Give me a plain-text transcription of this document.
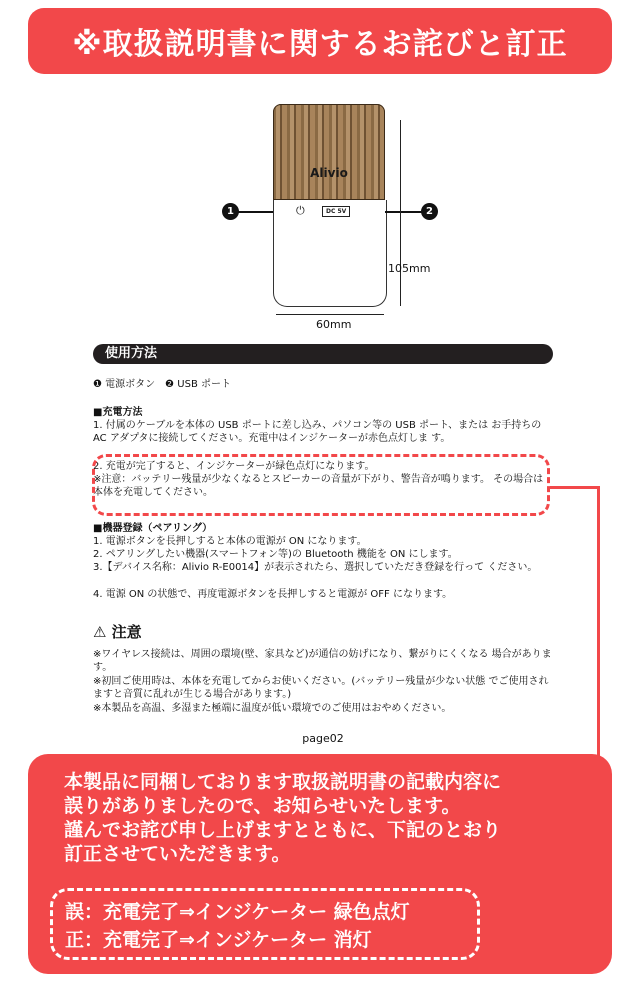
※取扱説明書に関するお詫びと訂正
Alivio
⏻	DC 5V
1	2
105mm
60mm
使用方法
❶ 電源ボタン　❷ USB ポート
■充電方法
1. 付属のケーブルを本体の USB ポートに差し込み、パソコン等の USB ポート、または お手持ちの AC アダプタに接続してください。充電中はインジケーターが赤色点灯しま す。
2. 充電が完了すると、インジケーターが緑色点灯になります。
※注意：バッテリー残量が少なくなるとスピーカーの音量が下がり、警告音が鳴ります。 その場合は本体を充電してください。
■機器登録（ペアリング）
1. 電源ボタンを長押しすると本体の電源が ON になります。
2. ペアリングしたい機器(スマートフォン等)の Bluetooth 機能を ON にします。
3.【デバイス名称：Alivio R-E0014】が表示されたら、選択していただき登録を行って ください。
4. 電源 ON の状態で、再度電源ボタンを長押しすると電源が OFF になります。
⚠ 注意
※ワイヤレス接続は、周囲の環境(壁、家具など)が通信の妨げになり、繋がりにくくなる 場合があります。
※初回ご使用時は、本体を充電してからお使いください。(バッテリー残量が少ない状態 でご使用されますと音質に乱れが生じる場合があります。)
※本製品を高温、多湿また極端に温度が低い環境でのご使用はおやめください。
page02
本製品に同梱しております取扱説明書の記載内容に
誤りがありましたので、お知らせいたします。
謹んでお詫び申し上げますとともに、下記のとおり
訂正させていただきます。
誤：充電完了⇒インジケーター 緑色点灯
正：充電完了⇒インジケーター 消灯
